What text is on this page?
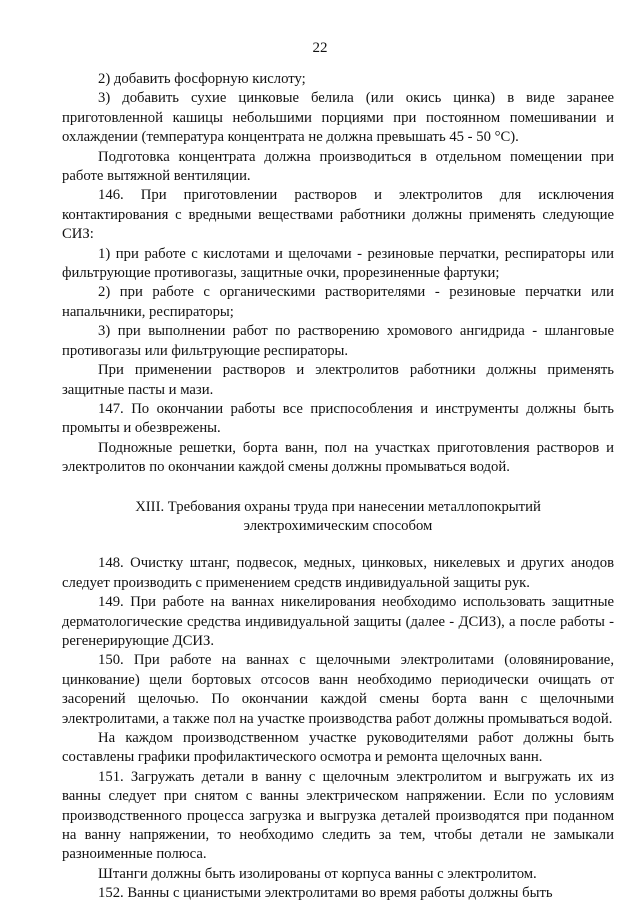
22

2) добавить фосфорную кислоту;

3) добавить сухие цинковые белила (или окись цинка) в виде заранее приготовленной кашицы небольшими порциями при постоянном помешивании и охлаждении (температура концентрата не должна превышать 45 - 50 °С).

Подготовка концентрата должна производиться в отдельном помещении при работе вытяжной вентиляции.

146. При приготовлении растворов и электролитов для исключения контактирования с вредными веществами работники должны применять следующие СИЗ:

1) при работе с кислотами и щелочами - резиновые перчатки, респираторы или фильтрующие противогазы, защитные очки, прорезиненные фартуки;

2) при работе с органическими растворителями - резиновые перчатки или напальчники, респираторы;

3) при выполнении работ по растворению хромового ангидрида - шланговые противогазы или фильтрующие респираторы.

При применении растворов и электролитов работники должны применять защитные пасты и мази.

147. По окончании работы все приспособления и инструменты должны быть промыты и обезврежены.

Подножные решетки, борта ванн, пол на участках приготовления растворов и электролитов по окончании каждой смены должны промываться водой.

XIII. Требования охраны труда при нанесении металлопокрытий электрохимическим способом

148. Очистку штанг, подвесок, медных, цинковых, никелевых и других анодов следует производить с применением средств индивидуальной защиты рук.

149. При работе на ваннах никелирования необходимо использовать защитные дерматологические средства индивидуальной защиты (далее - ДСИЗ), а после работы - регенерирующие ДСИЗ.

150. При работе на ваннах с щелочными электролитами (оловянирование, цинкование) щели бортовых отсосов ванн необходимо периодически очищать от засорений щелочью. По окончании каждой смены борта ванн с щелочными электролитами, а также пол на участке производства работ должны промываться водой.

На каждом производственном участке руководителями работ должны быть составлены графики профилактического осмотра и ремонта щелочных ванн.

151. Загружать детали в ванну с щелочным электролитом и выгружать их из ванны следует при снятом с ванны электрическом напряжении. Если по условиям производственного процесса загрузка и выгрузка деталей производятся при поданном на ванну напряжении, то необходимо следить за тем, чтобы детали не замыкали разноименные полюса.

Штанги должны быть изолированы от корпуса ванны с электролитом.

152. Ванны с цианистыми электролитами во время работы должны быть
